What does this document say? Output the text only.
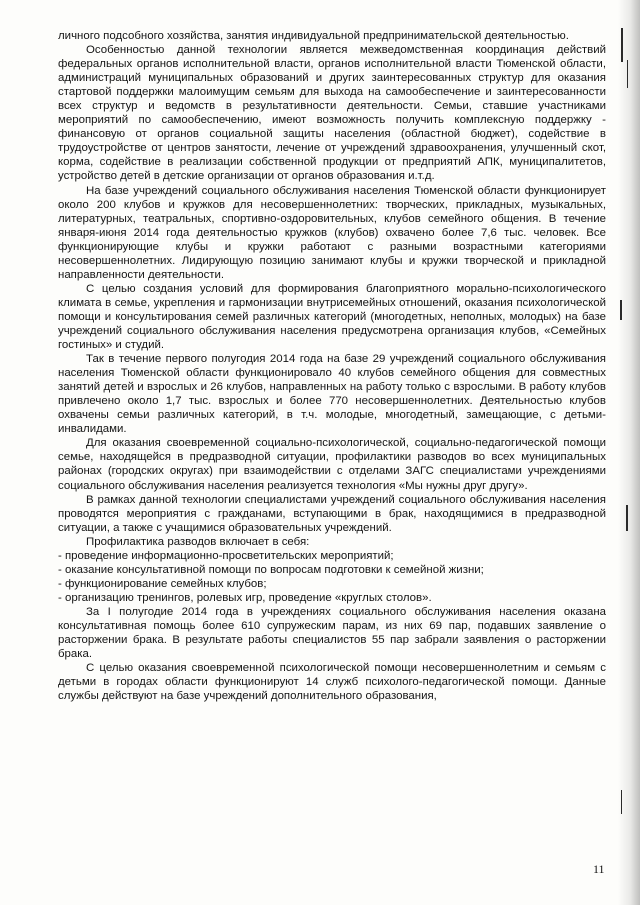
личного подсобного хозяйства, занятия индивидуальной предпринимательской деятельностью.

Особенностью данной технологии является межведомственная координация действий федеральных органов исполнительной власти, органов исполнительной власти Тюменской области, администраций муниципальных образований и других заинтересованных структур для оказания стартовой поддержки малоимущим семьям для выхода на самообеспечение и заинтересованности всех структур и ведомств в результативности деятельности. Семьи, ставшие участниками мероприятий по самообеспечению, имеют возможность получить комплексную поддержку - финансовую от органов социальной защиты населения (областной бюджет), содействие в трудоустройстве от центров занятости, лечение от учреждений здравоохранения, улучшенный скот, корма, содействие в реализации собственной продукции от предприятий АПК, муниципалитетов, устройство детей в детские организации от органов образования и.т.д.

На базе учреждений социального обслуживания населения Тюменской области функционирует около 200 клубов и кружков для несовершеннолетних: творческих, прикладных, музыкальных, литературных, театральных, спортивно-оздоровительных, клубов семейного общения. В течение января-июня 2014 года деятельностью кружков (клубов) охвачено более 7,6 тыс. человек. Все функционирующие клубы и кружки работают с разными возрастными категориями несовершеннолетних. Лидирующую позицию занимают клубы и кружки творческой и прикладной направленности деятельности.

С целью создания условий для формирования благоприятного морально-психологического климата в семье, укрепления и гармонизации внутрисемейных отношений, оказания психологической помощи и консультирования семей различных категорий (многодетных, неполных, молодых) на базе учреждений социального обслуживания населения предусмотрена организация клубов, «Семейных гостиных» и студий.

Так в течение первого полугодия 2014 года на базе 29 учреждений социального обслуживания населения Тюменской области функционировало 40 клубов семейного общения для совместных занятий детей и взрослых и 26 клубов, направленных на работу только с взрослыми. В работу клубов привлечено около 1,7 тыс. взрослых и более 770 несовершеннолетних. Деятельностью клубов охвачены семьи различных категорий, в т.ч. молодые, многодетный, замещающие, с детьми-инвалидами.

Для оказания своевременной социально-психологической, социально-педагогической помощи семье, находящейся в предразводной ситуации, профилактики разводов во всех муниципальных районах (городских округах) при взаимодействии с отделами ЗАГС специалистами учреждениями социального обслуживания населения реализуется технология «Мы нужны друг другу».

В рамках данной технологии специалистами учреждений социального обслуживания населения проводятся мероприятия с гражданами, вступающими в брак, находящимися в предразводной ситуации, а также с учащимися образовательных учреждений.

Профилактика разводов включает в себя:

- проведение информационно-просветительских мероприятий;

- оказание консультативной помощи по вопросам подготовки к семейной жизни;

- функционирование семейных клубов;

- организацию тренингов, ролевых игр, проведение «круглых столов».

За I полугодие 2014 года в учреждениях социального обслуживания населения оказана консультативная помощь более 610 супружеским парам, из них 69 пар, подавших заявление о расторжении брака. В результате работы специалистов 55 пар забрали заявления о расторжении брака.

С целью оказания своевременной психологической помощи несовершеннолетним и семьям с детьми в городах области функционируют 14 служб психолого-педагогической помощи. Данные службы действуют на базе учреждений дополнительного образования,

11
